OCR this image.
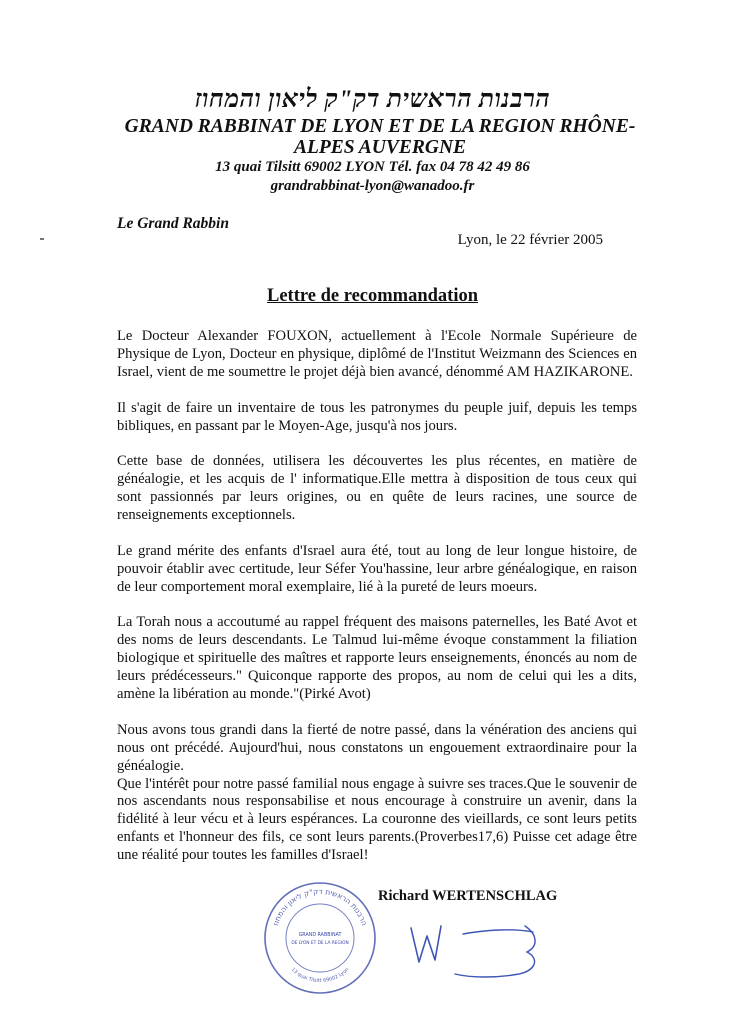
הרבנות הראשית דק"ק ליאון והמחוז
GRAND RABBINAT DE LYON ET DE LA REGION RHÔNE-ALPES AUVERGNE
13 quai Tilsitt 69002 LYON Tél. fax 04 78 42 49 86
grandrabbinat-lyon@wanadoo.fr
Le Grand Rabbin
Lyon, le 22 février 2005
Lettre de recommandation

Le Docteur Alexander FOUXON, actuellement à l'Ecole Normale Supérieure de Physique de Lyon, Docteur en physique, diplômé de l'Institut Weizmann des Sciences en Israel, vient de me soumettre le projet déjà bien avancé, dénommé AM HAZIKARONE.

Il s'agit de faire un inventaire de tous les patronymes du peuple juif, depuis les temps bibliques, en passant par le Moyen-Age, jusqu'à nos jours.

Cette base de données, utilisera les découvertes les plus récentes, en matière de généalogie, et les acquis de l' informatique.Elle mettra à disposition de tous ceux qui sont passionnés par leurs origines, ou en quête de leurs racines, une source de renseignements exceptionnels.

Le grand mérite des enfants d'Israel aura été, tout au long de leur longue histoire, de pouvoir établir avec certitude, leur Séfer You'hassine, leur arbre généalogique, en raison de leur comportement moral exemplaire, lié à la pureté de leurs moeurs.

La Torah nous a accoutumé au rappel fréquent des maisons paternelles, les Baté Avot et des noms de leurs descendants. Le Talmud lui-même évoque constamment la filiation biologique et spirituelle des maîtres et rapporte leurs enseignements, énoncés au nom de leurs prédécesseurs." Quiconque rapporte des propos, au nom de celui qui les a dits, amène la libération au monde."(Pirké Avot)

Nous avons tous grandi dans la fierté de notre passé, dans la vénération des anciens qui nous ont précédé. Aujourd'hui, nous constatons un engouement extraordinaire pour la généalogie.

Que l'intérêt pour notre passé familial nous engage à suivre ses traces.Que le souvenir de nos ascendants nous responsabilise et nous encourage à construire un avenir, dans la fidélité à leur vécu et à leurs espérances. La couronne des vieillards, ce sont leurs petits enfants et l'honneur des fils, ce sont leurs parents.(Proverbes17,6) Puisse cet adage être une réalité pour toutes les familles d'Israel!

Richard WERTENSCHLAG
הרבנות הראשית דק"ק ליאון והמחוז
13 quai Tilsitt 69002 Lyon
GRAND RABBINAT
DE LYON ET DE LA REGION
